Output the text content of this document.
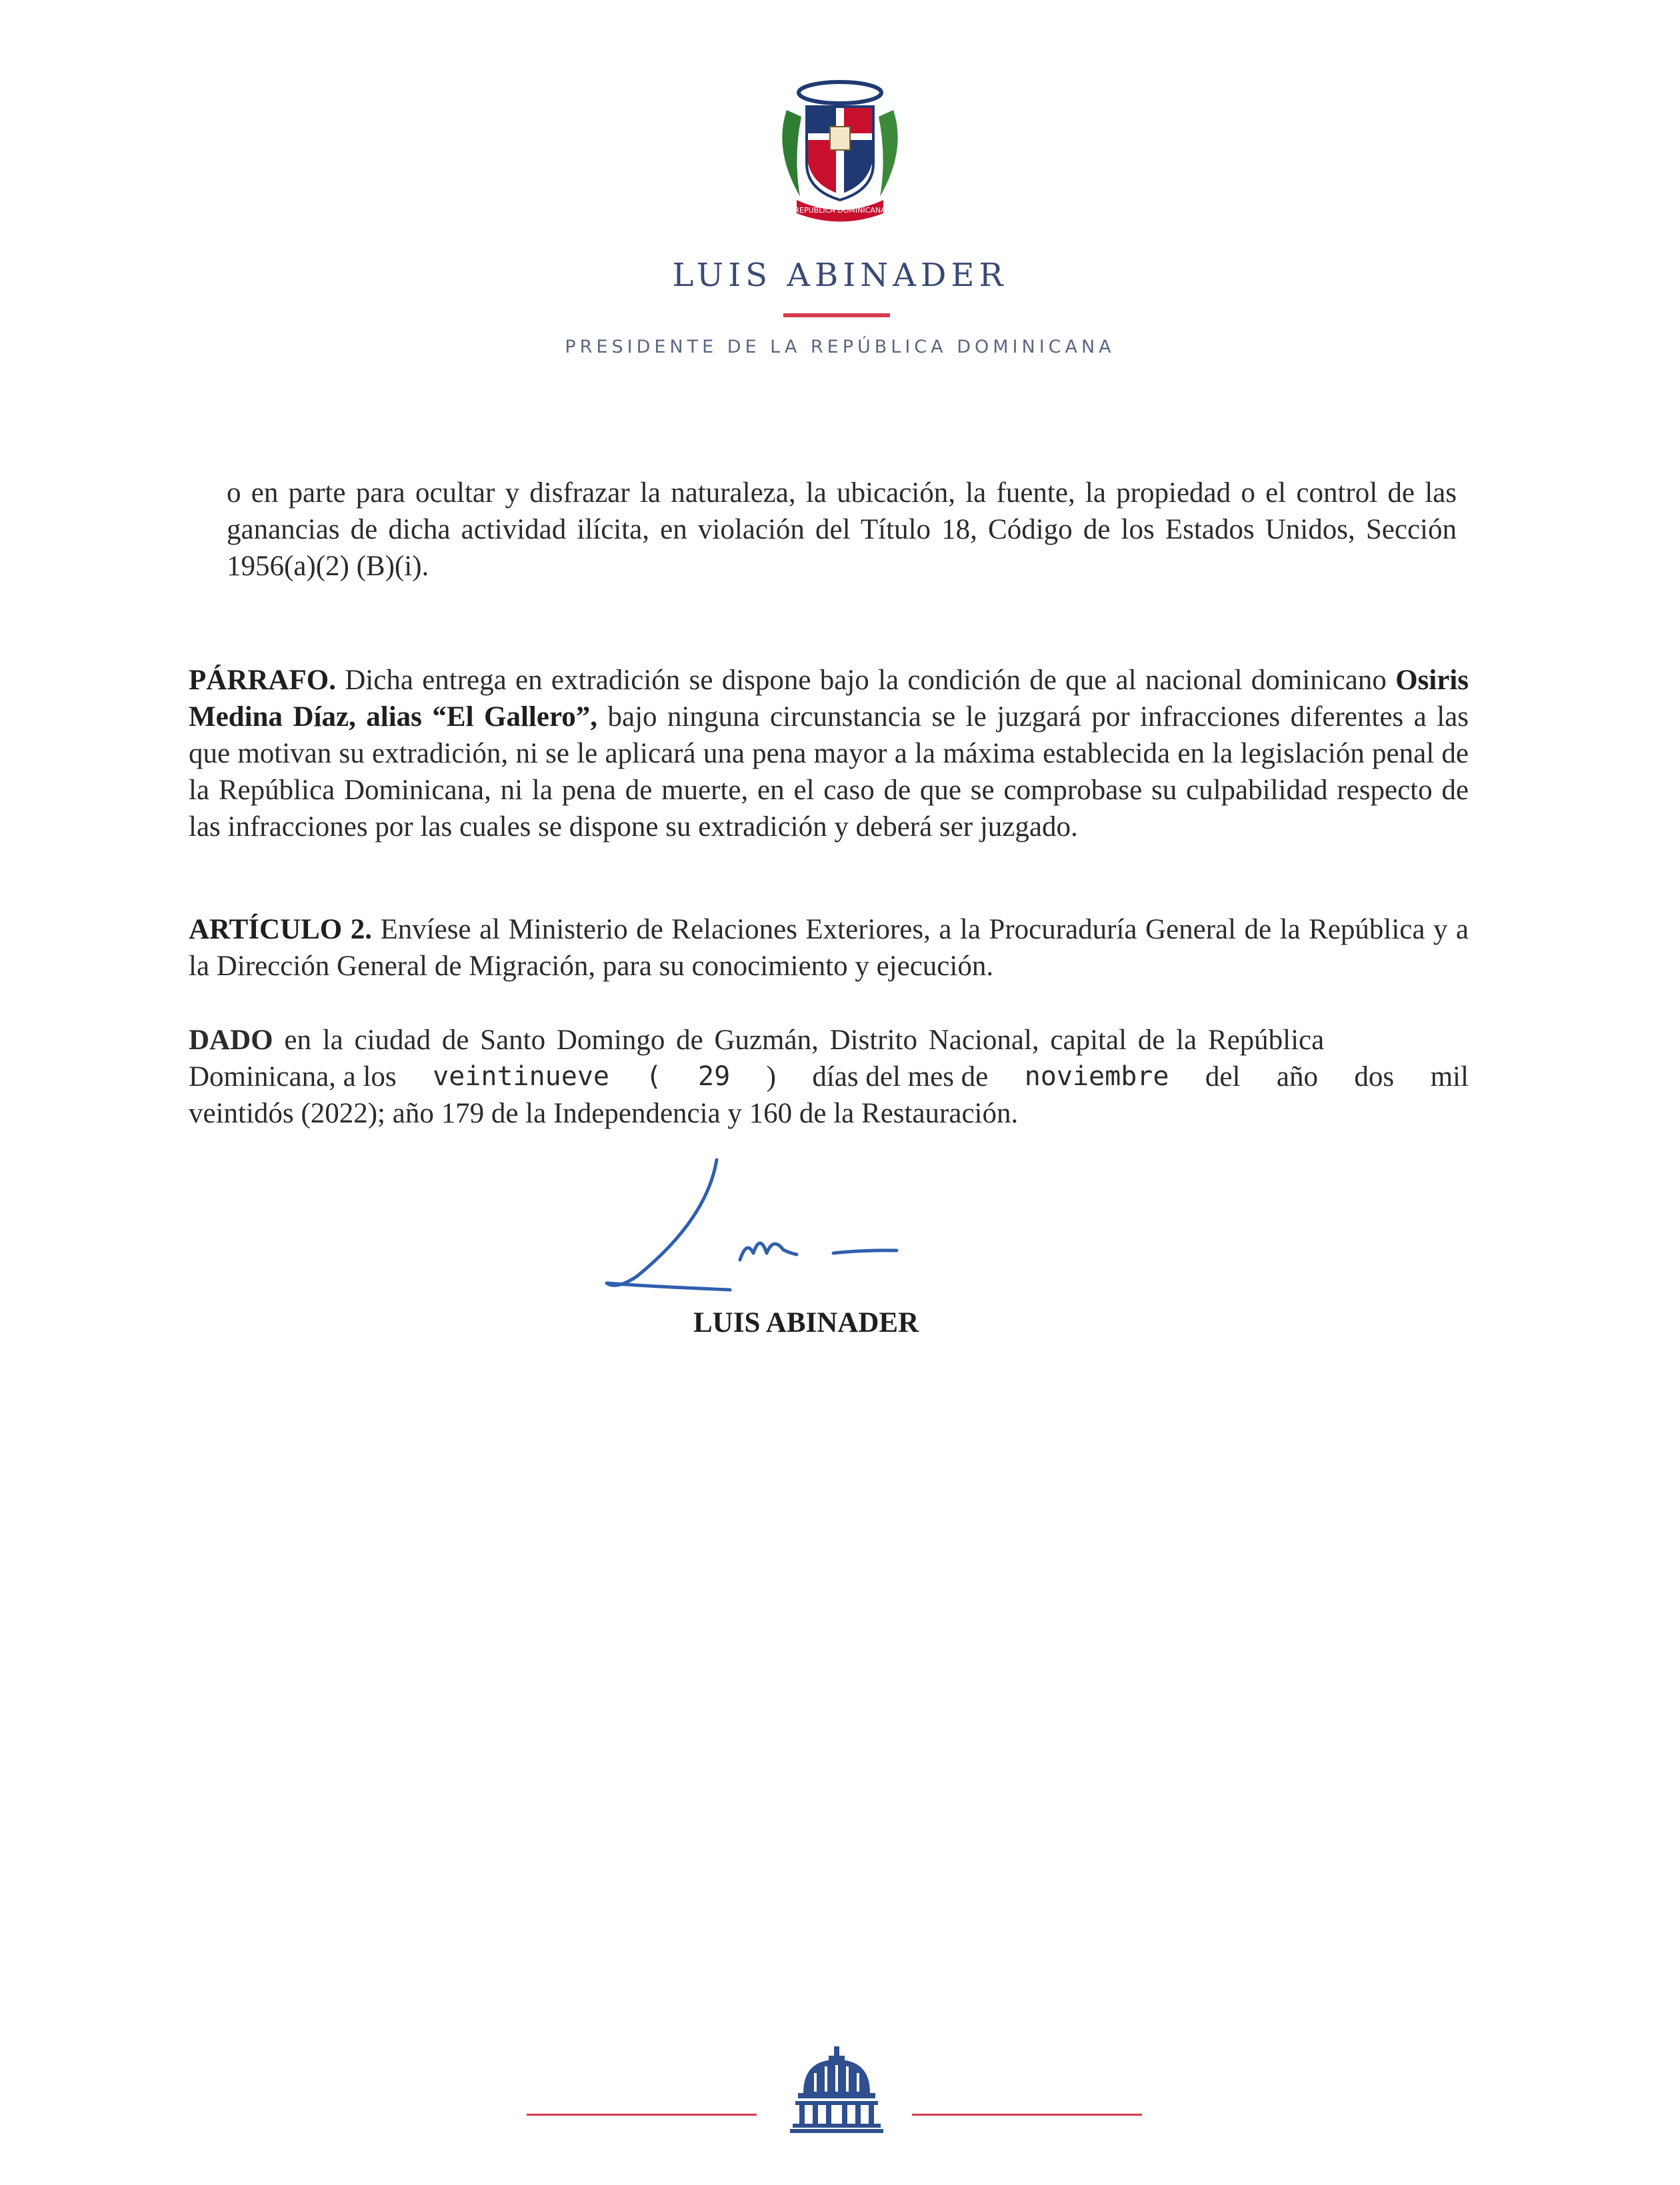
REPUBLICA DOMINICANA
LUIS ABINADER
PRESIDENTE DE LA REPÚBLICA DOMINICANA
o en parte para ocultar y disfrazar la naturaleza, la ubicación, la fuente, la propiedad o el control de las ganancias de dicha actividad ilícita, en violación del Título 18, Código de los Estados Unidos, Sección 1956(a)(2) (B)(i).
PÁRRAFO. Dicha entrega en extradición se dispone bajo la condición de que al nacional dominicano Osiris Medina Díaz, alias “El Gallero”, bajo ninguna circunstancia se le juzgará por infracciones diferentes a las que motivan su extradición, ni se le aplicará una pena mayor a la máxima establecida en la legislación penal de la República Dominicana, ni la pena de muerte, en el caso de que se comprobase su culpabilidad respecto de las infracciones por las cuales se dispone su extradición y deberá ser juzgado.
ARTÍCULO 2. Envíese al Ministerio de Relaciones Exteriores, a la Procuraduría General de la República y a la Dirección General de Migración, para su conocimiento y ejecución.
DADO en la ciudad de Santo Domingo de Guzmán, Distrito Nacional, capital de la República
Dominicana, a los veintinueve ( 29 ) días del mes de noviembre del año dos mil
veintidós (2022); año 179 de la Independencia y 160 de la Restauración.
LUIS ABINADER
